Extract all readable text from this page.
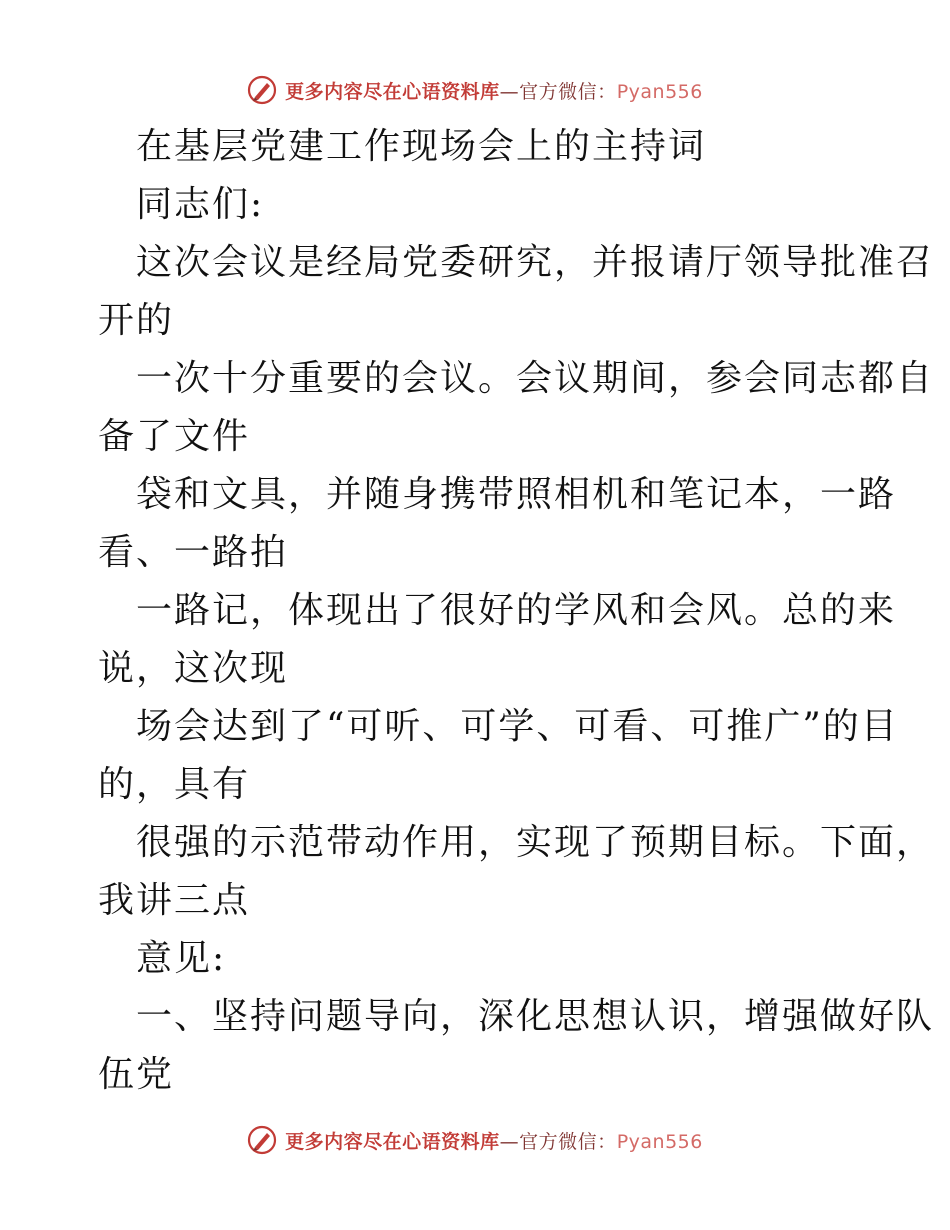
更多内容尽在心语资料库—官方微信：Pyan556
在基层党建工作现场会上的主持词
同志们:
这次会议是经局党委研究，并报请厅领导批准召
开的
一次十分重要的会议。会议期间，参会同志都自
备了文件
袋和文具，并随身携带照相机和笔记本，一路
看、一路拍
一路记，体现出了很好的学风和会风。总的来
说，这次现
场会达到了“可听、可学、可看、可推广”的目
的，具有
很强的示范带动作用，实现了预期目标。下面，
我讲三点
意见:
一、坚持问题导向，深化思想认识，增强做好队
伍党
更多内容尽在心语资料库—官方微信：Pyan556
